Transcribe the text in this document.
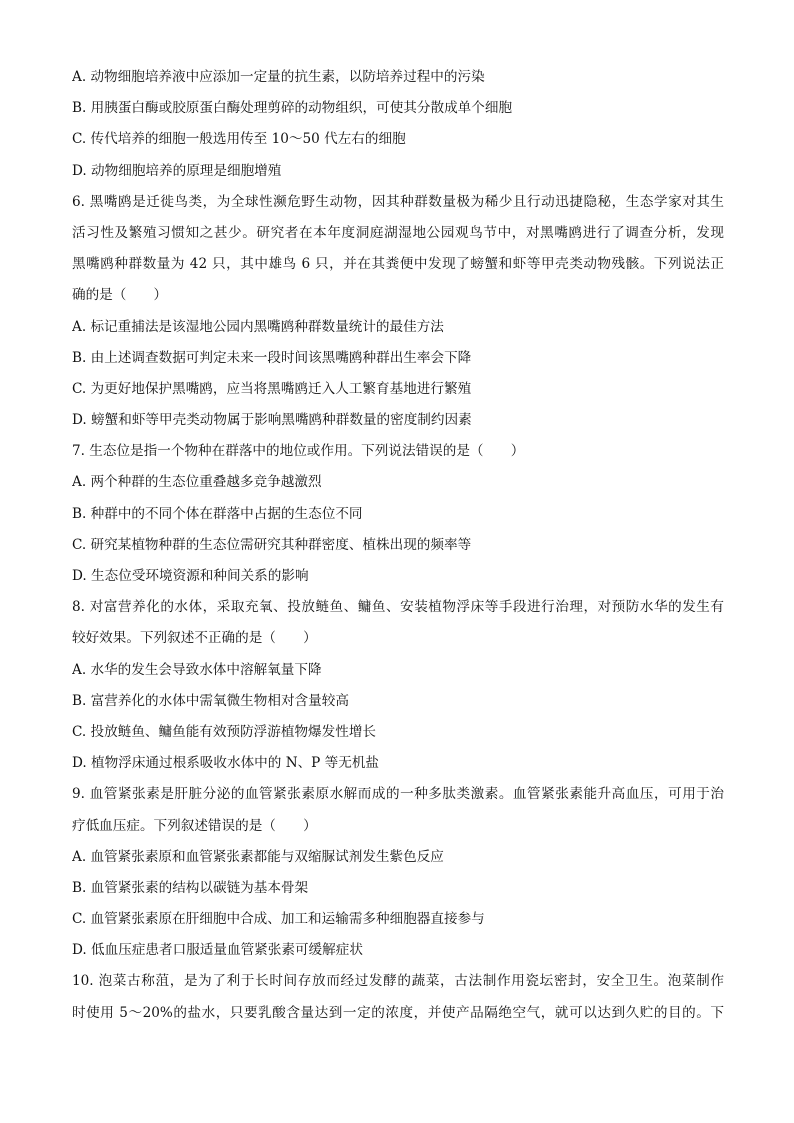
A. 动物细胞培养液中应添加一定量的抗生素，以防培养过程中的污染
B. 用胰蛋白酶或胶原蛋白酶处理剪碎的动物组织，可使其分散成单个细胞
C. 传代培养的细胞一般选用传至 10～50 代左右的细胞
D. 动物细胞培养的原理是细胞增殖
6. 黑嘴鸥是迁徙鸟类，为全球性濒危野生动物，因其种群数量极为稀少且行动迅捷隐秘，生态学家对其生
活习性及繁殖习惯知之甚少。研究者在本年度洞庭湖湿地公园观鸟节中，对黑嘴鸥进行了调查分析，发现
黑嘴鸥种群数量为 42 只，其中雄鸟 6 只，并在其粪便中发现了螃蟹和虾等甲壳类动物残骸。下列说法正
确的是（　　）
A. 标记重捕法是该湿地公园内黑嘴鸥种群数量统计的最佳方法
B. 由上述调查数据可判定未来一段时间该黑嘴鸥种群出生率会下降
C. 为更好地保护黑嘴鸥，应当将黑嘴鸥迁入人工繁育基地进行繁殖
D. 螃蟹和虾等甲壳类动物属于影响黑嘴鸥种群数量的密度制约因素
7. 生态位是指一个物种在群落中的地位或作用。下列说法错误的是（　　）
A. 两个种群的生态位重叠越多竞争越激烈
B. 种群中的不同个体在群落中占据的生态位不同
C. 研究某植物种群的生态位需研究其种群密度、植株出现的频率等
D. 生态位受环境资源和种间关系的影响
8. 对富营养化的水体，采取充氧、投放鲢鱼、鳙鱼、安装植物浮床等手段进行治理，对预防水华的发生有
较好效果。下列叙述不正确的是（　　）
A. 水华的发生会导致水体中溶解氧量下降
B. 富营养化的水体中需氧微生物相对含量较高
C. 投放鲢鱼、鳙鱼能有效预防浮游植物爆发性增长
D. 植物浮床通过根系吸收水体中的 N、P 等无机盐
9. 血管紧张素是肝脏分泌的血管紧张素原水解而成的一种多肽类激素。血管紧张素能升高血压，可用于治
疗低血压症。下列叙述错误的是（　　）
A. 血管紧张素原和血管紧张素都能与双缩脲试剂发生紫色反应
B. 血管紧张素的结构以碳链为基本骨架
C. 血管紧张素原在肝细胞中合成、加工和运输需多种细胞器直接参与
D. 低血压症患者口服适量血管紧张素可缓解症状
10. 泡菜古称菹，是为了利于长时间存放而经过发酵的蔬菜，古法制作用瓷坛密封，安全卫生。泡菜制作
时使用 5～20%的盐水，只要乳酸含量达到一定的浓度，并使产品隔绝空气，就可以达到久贮的目的。下
